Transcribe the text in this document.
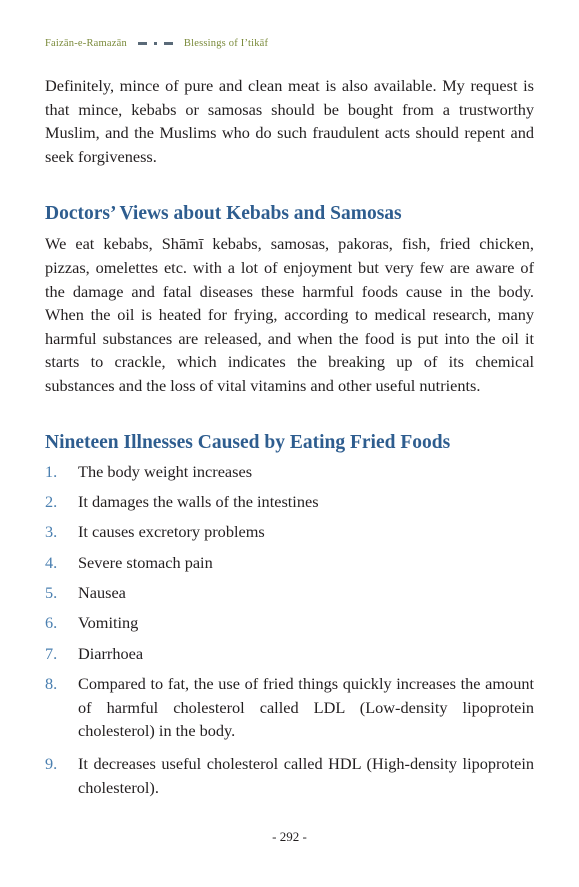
Faizān-e-Ramazān	Blessings of I’tikāf

Definitely, mince of pure and clean meat is also available. My request is that mince, kebabs or samosas should be bought from a trustworthy Muslim, and the Muslims who do such fraudulent acts should repent and seek forgiveness.

Doctors’ Views about Kebabs and Samosas

We eat kebabs, Shāmī kebabs, samosas, pakoras, fish, fried chicken, pizzas, omelettes etc. with a lot of enjoyment but very few are aware of the damage and fatal diseases these harmful foods cause in the body. When the oil is heated for frying, according to medical research, many harmful substances are released, and when the food is put into the oil it starts to crackle, which indicates the breaking up of its chemical substances and the loss of vital vitamins and other useful nutrients.

Nineteen Illnesses Caused by Eating Fried Foods
1.	The body weight increases
2.	It damages the walls of the intestines
3.	It causes excretory problems
4.	Severe stomach pain
5.	Nausea
6.	Vomiting
7.	Diarrhoea
8.	Compared to fat, the use of fried things quickly increases the amount of harmful cholesterol called LDL (Low-density lipoprotein cholesterol) in the body.
9.	It decreases useful cholesterol called HDL (High-density lipoprotein cholesterol).
- 292 -
